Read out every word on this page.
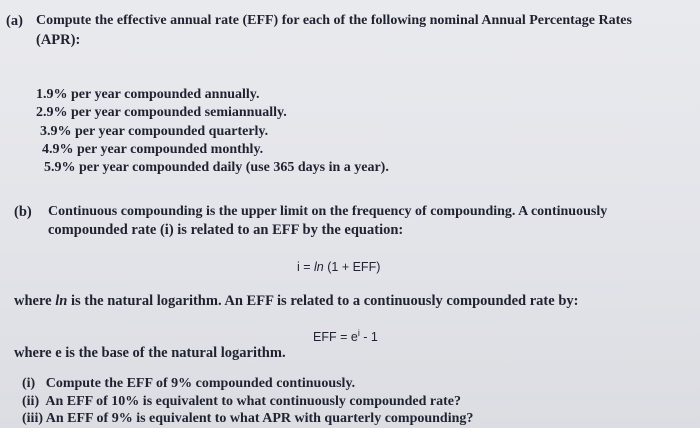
(a) Compute the effective annual rate (EFF) for each of the following nominal Annual Percentage Rates
(APR):
1.9% per year compounded annually.
2.9% per year compounded semiannually.
3.9% per year compounded quarterly.
4.9% per year compounded monthly.
5.9% per year compounded daily (use 365 days in a year).
(b) Continuous compounding is the upper limit on the frequency of compounding. A continuously
compounded rate (i) is related to an EFF by the equation:
i = ln (1 + EFF)
where ln is the natural logarithm. An EFF is related to a continuously compounded rate by:
EFF = $e^i - 1$
where e is the base of the natural logarithm.
(i)   Compute the EFF of 9% compounded continuously.
(ii)  An EFF of 10% is equivalent to what continuously compounded rate?
(iii) An EFF of 9% is equivalent to what APR with quarterly compounding?
